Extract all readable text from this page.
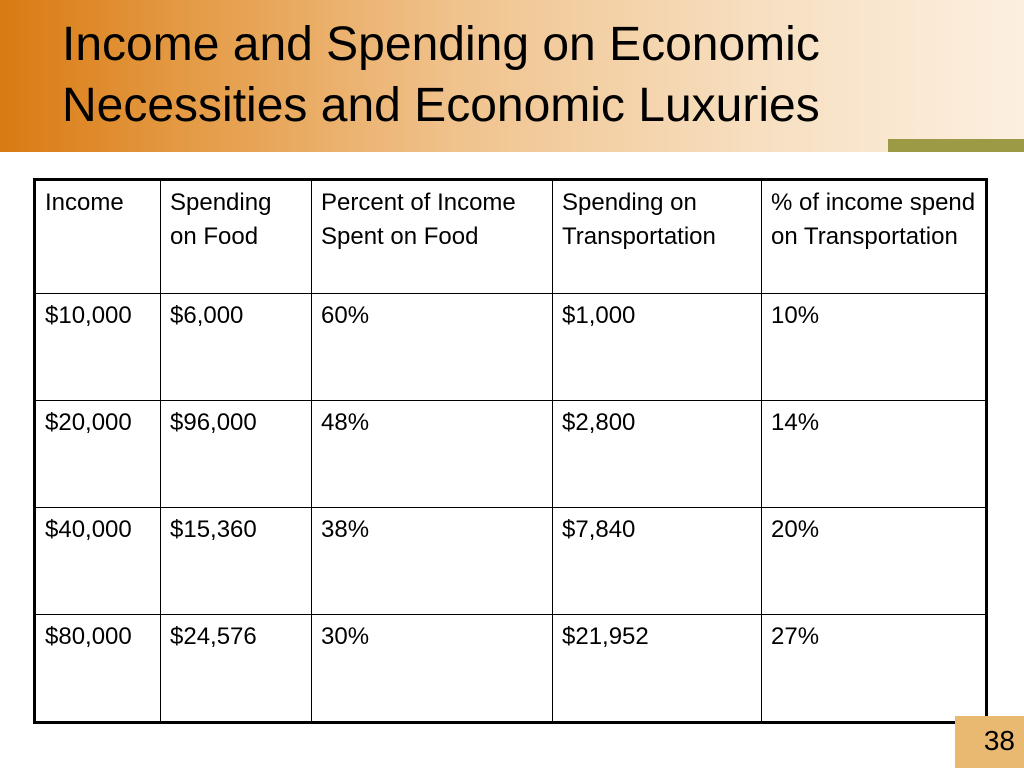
Income and Spending on Economic
Necessities and Economic Luxuries
Income	Spending on Food	Percent of Income Spent on Food	Spending on Transportation	% of income spend on Transportation
$10,000	$6,000	60%	$1,000	10%
$20,000	$96,000	48%	$2,800	14%
$40,000	$15,360	38%	$7,840	20%
$80,000	$24,576	30%	$21,952	27%
38
